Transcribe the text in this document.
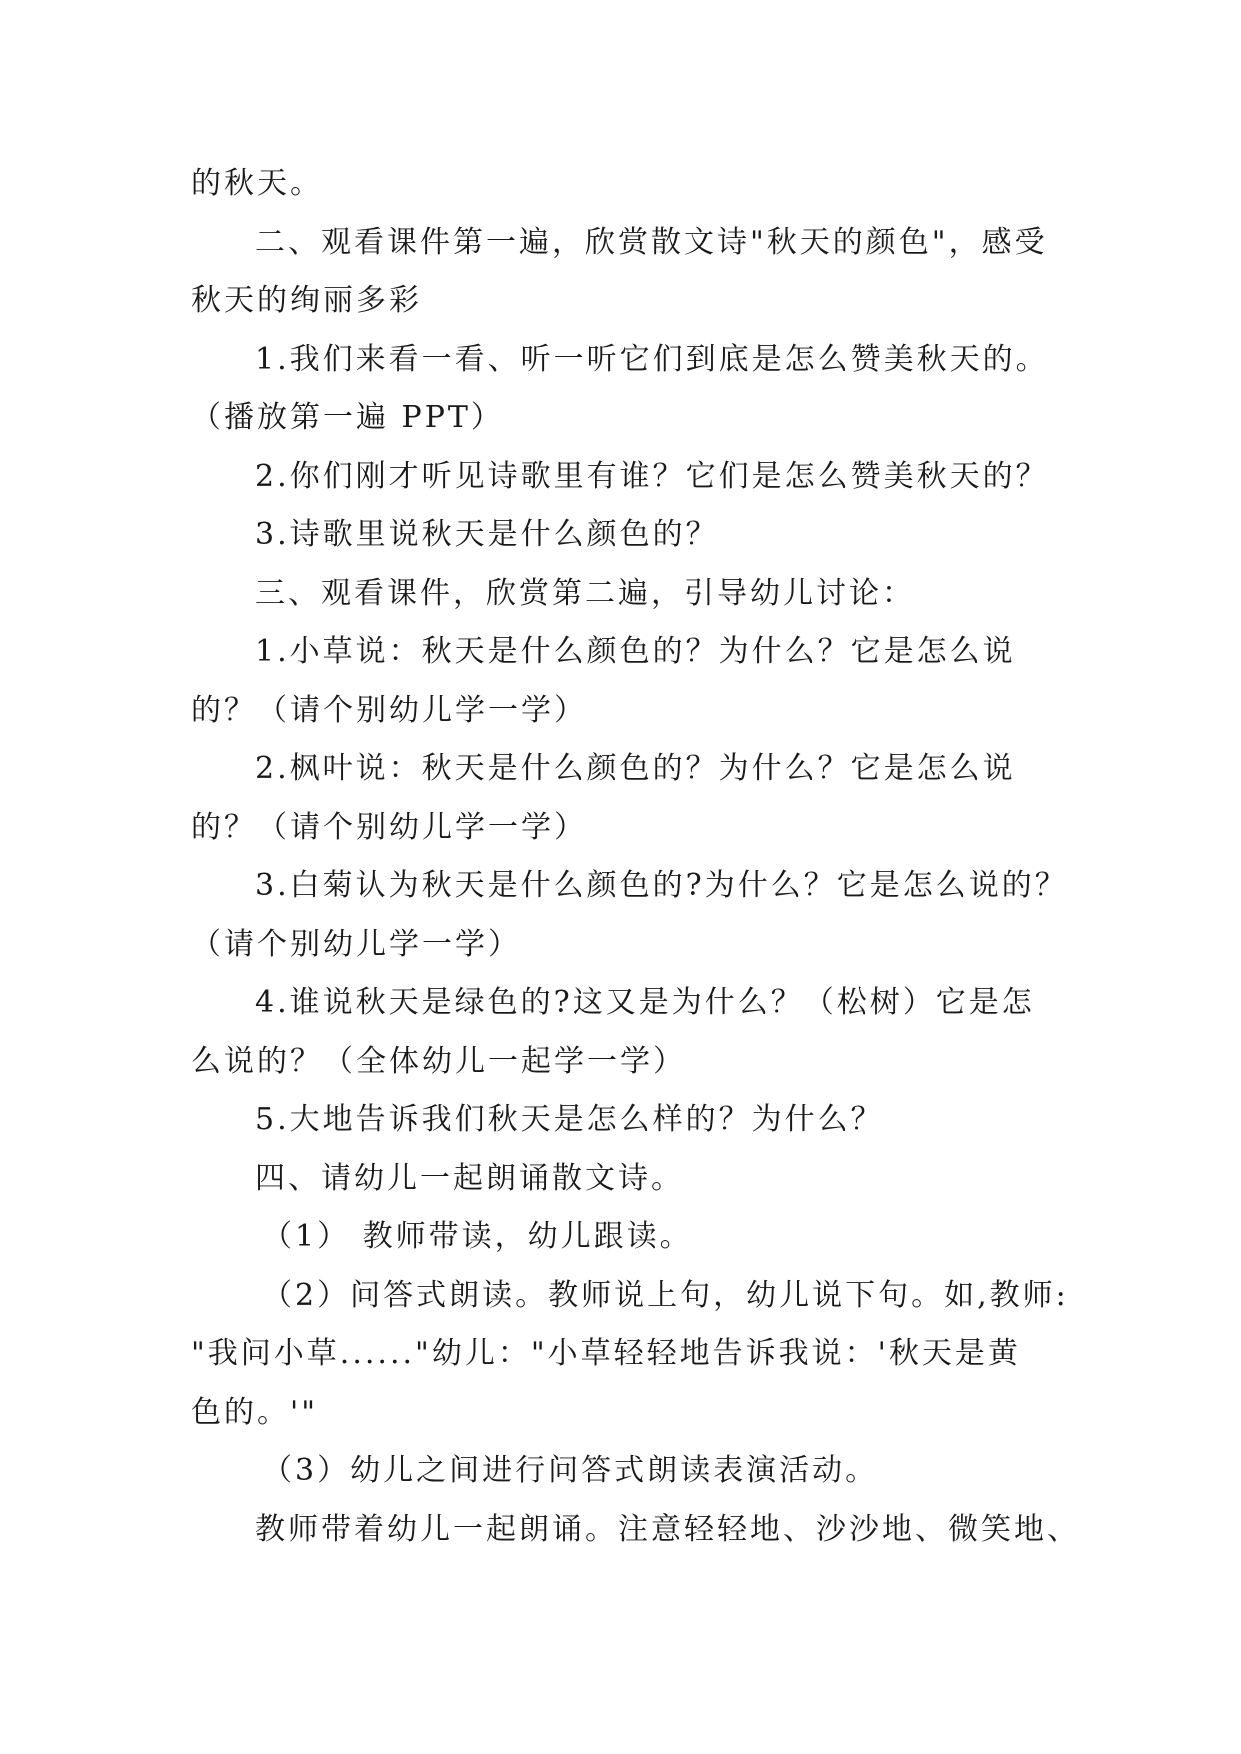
的秋天。
二、观看课件第一遍，欣赏散文诗"秋天的颜色"，感受
秋天的绚丽多彩
1.我们来看一看、听一听它们到底是怎么赞美秋天的。
（播放第一遍 PPT）
2.你们刚才听见诗歌里有谁？它们是怎么赞美秋天的？
3.诗歌里说秋天是什么颜色的？
三、观看课件，欣赏第二遍，引导幼儿讨论：
1.小草说：秋天是什么颜色的？为什么？它是怎么说
的？（请个别幼儿学一学）
2.枫叶说：秋天是什么颜色的？为什么？它是怎么说
的？（请个别幼儿学一学）
3.白菊认为秋天是什么颜色的?为什么？它是怎么说的？
（请个别幼儿学一学）
4.谁说秋天是绿色的?这又是为什么？（松树）它是怎
么说的？（全体幼儿一起学一学）
5.大地告诉我们秋天是怎么样的？为什么？
四、请幼儿一起朗诵散文诗。
（1） 教师带读，幼儿跟读。
（2）问答式朗读。教师说上句，幼儿说下句。如,教师:
"我问小草......"幼儿："小草轻轻地告诉我说：'秋天是黄
色的。'"
（3）幼儿之间进行问答式朗读表演活动。
教师带着幼儿一起朗诵。注意轻轻地、沙沙地、微笑地、
